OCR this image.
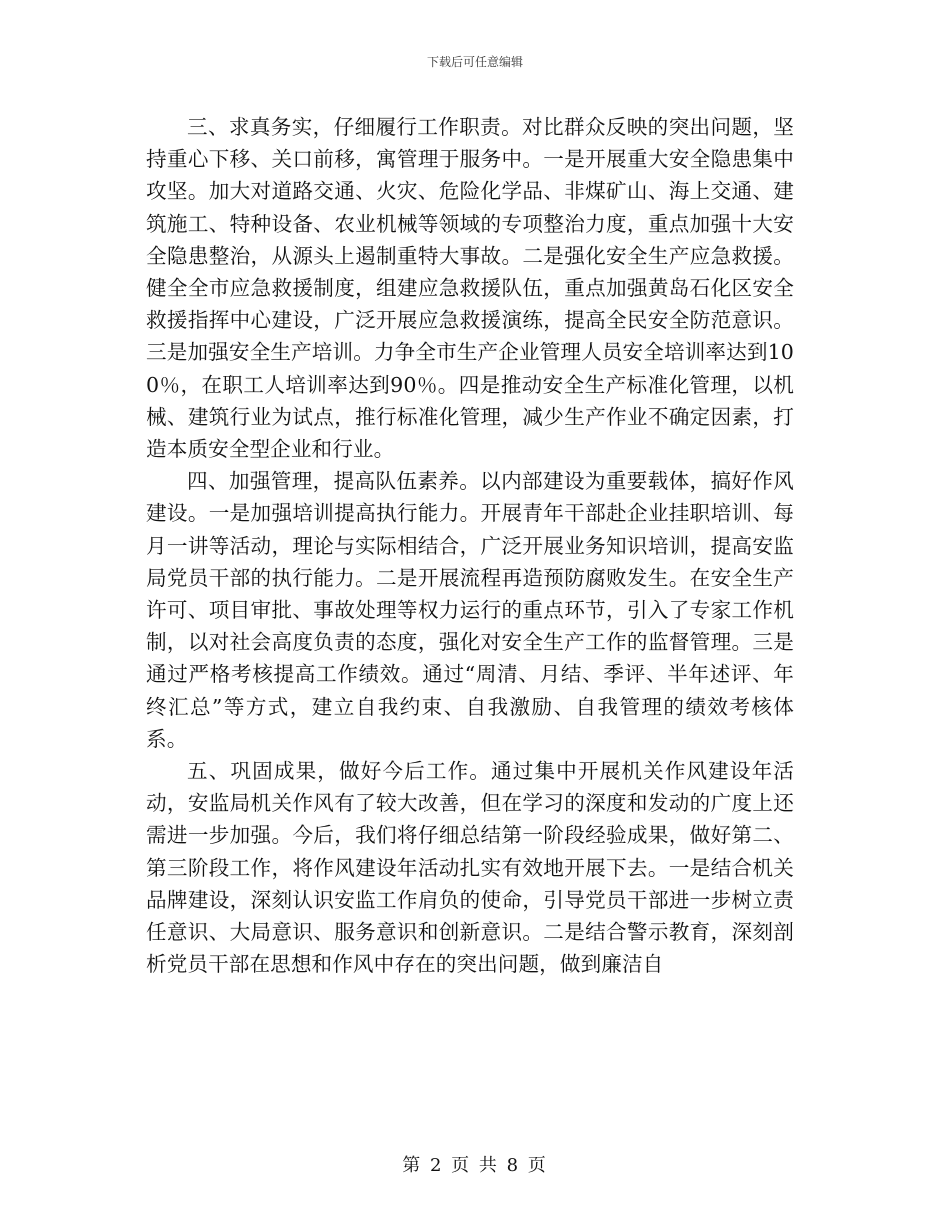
下载后可任意编辑

三、求真务实，仔细履行工作职责。对比群众反映的突出问题，坚持重心下移、关口前移，寓管理于服务中。一是开展重大安全隐患集中攻坚。加大对道路交通、火灾、危险化学品、非煤矿山、海上交通、建筑施工、特种设备、农业机械等领域的专项整治力度，重点加强十大安全隐患整治，从源头上遏制重特大事故。二是强化安全生产应急救援。健全全市应急救援制度，组建应急救援队伍，重点加强黄岛石化区安全救援指挥中心建设，广泛开展应急救援演练，提高全民安全防范意识。三是加强安全生产培训。力争全市生产企业管理人员安全培训率达到100％，在职工人培训率达到90％。四是推动安全生产标准化管理，以机械、建筑行业为试点，推行标准化管理，减少生产作业不确定因素，打造本质安全型企业和行业。

四、加强管理，提高队伍素养。以内部建设为重要载体，搞好作风建设。一是加强培训提高执行能力。开展青年干部赴企业挂职培训、每月一讲等活动，理论与实际相结合，广泛开展业务知识培训，提高安监局党员干部的执行能力。二是开展流程再造预防腐败发生。在安全生产许可、项目审批、事故处理等权力运行的重点环节，引入了专家工作机制，以对社会高度负责的态度，强化对安全生产工作的监督管理。三是通过严格考核提高工作绩效。通过“周清、月结、季评、半年述评、年终汇总”等方式，建立自我约束、自我激励、自我管理的绩效考核体系。

五、巩固成果，做好今后工作。通过集中开展机关作风建设年活动，安监局机关作风有了较大改善，但在学习的深度和发动的广度上还需进一步加强。今后，我们将仔细总结第一阶段经验成果，做好第二、第三阶段工作，将作风建设年活动扎实有效地开展下去。一是结合机关品牌建设，深刻认识安监工作肩负的使命，引导党员干部进一步树立责任意识、大局意识、服务意识和创新意识。二是结合警示教育，深刻剖析党员干部在思想和作风中存在的突出问题，做到廉洁自

第 2 页 共 8 页
